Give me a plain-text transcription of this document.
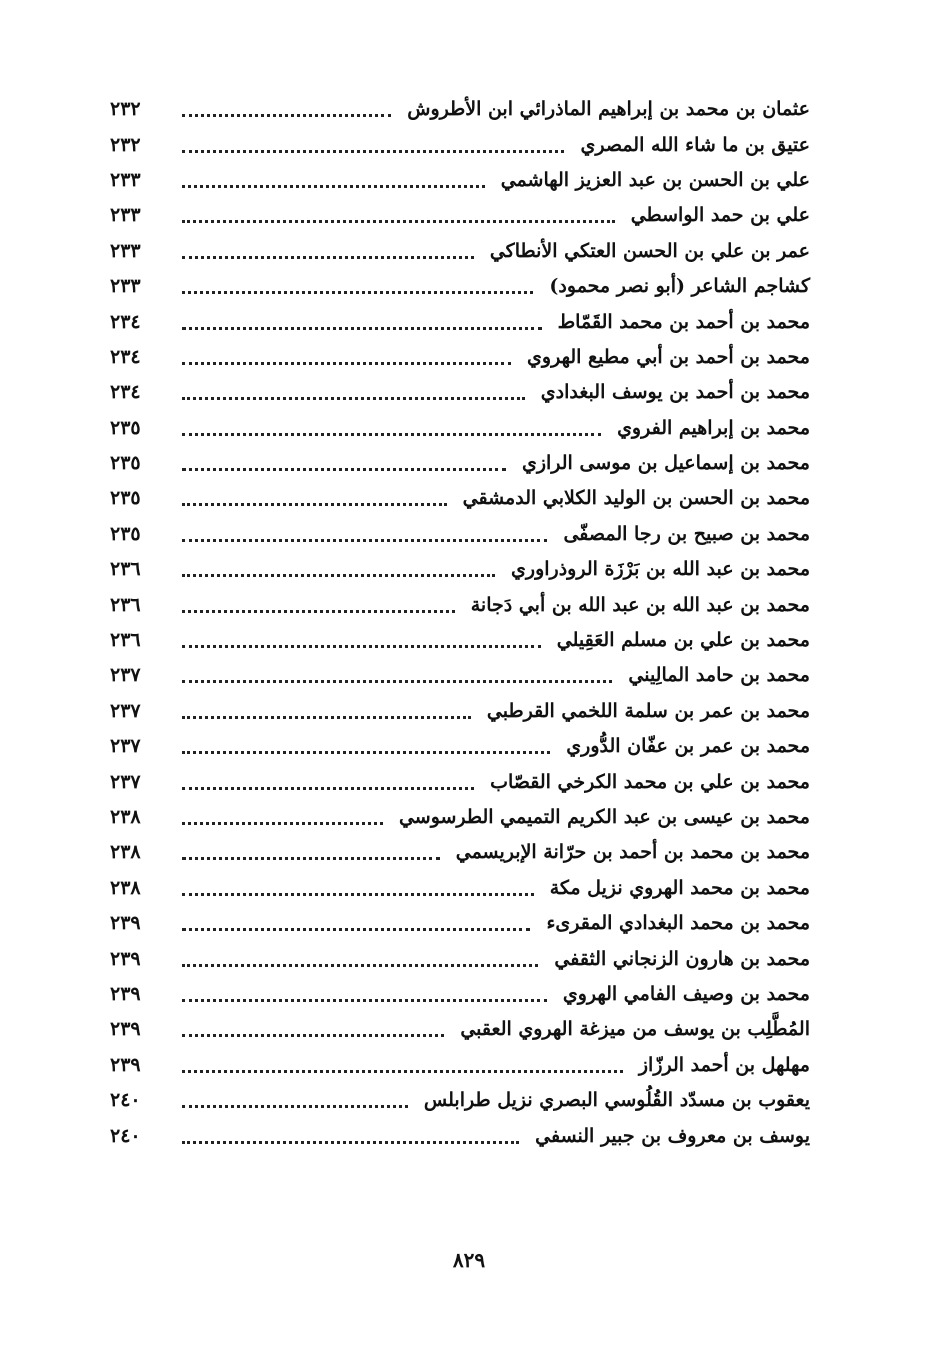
عثمان بن محمد بن إبراهيم الماذرائي ابن الأطروش
٢٣٢
عتيق بن ما شاء الله المصري
٢٣٢
علي بن الحسن بن عبد العزيز الهاشمي
٢٣٣
علي بن حمد الواسطي
٢٣٣
عمر بن علي بن الحسن العتكي الأنطاكي
٢٣٣
كشاجم الشاعر (أبو نصر محمود)
٢٣٣
محمد بن أحمد بن محمد القَمّاط
٢٣٤
محمد بن أحمد بن أبي مطيع الهروي
٢٣٤
محمد بن أحمد بن يوسف البغدادي
٢٣٤
محمد بن إبراهيم الفروي
٢٣٥
محمد بن إسماعيل بن موسى الرازي
٢٣٥
محمد بن الحسن بن الوليد الكلابي الدمشقي
٢٣٥
محمد بن صبيح بن رجا المصفّى
٢٣٥
محمد بن عبد الله بن بَرْزَة الروذراوري
٢٣٦
محمد بن عبد الله بن عبد الله بن أبي دَجانة
٢٣٦
محمد بن علي بن مسلم العَقِيلي
٢٣٦
محمد بن حامد المالِيني
٢٣٧
محمد بن عمر بن سلمة اللخمي القرطبي
٢٣٧
محمد بن عمر بن عفّان الدُّوري
٢٣٧
محمد بن علي بن محمد الكرخي القصّاب
٢٣٧
محمد بن عيسى بن عبد الكريم التميمي الطرسوسي
٢٣٨
محمد بن محمد بن أحمد بن حرّانة الإبريسمي
٢٣٨
محمد بن محمد الهروي نزيل مكة
٢٣٨
محمد بن محمد البغدادي المقرىء
٢٣٩
محمد بن هارون الزنجاني الثقفي
٢٣٩
محمد بن وصيف الفامي الهروي
٢٣٩
المُطَّلِب بن يوسف من ميزغة الهروي العقبي
٢٣٩
مهلهل بن أحمد الرزّاز
٢٣٩
يعقوب بن مسدّد القُلُوسي البصري نزيل طرابلس
٢٤٠
يوسف بن معروف بن جبير النسفي
٢٤٠
٨٢٩
